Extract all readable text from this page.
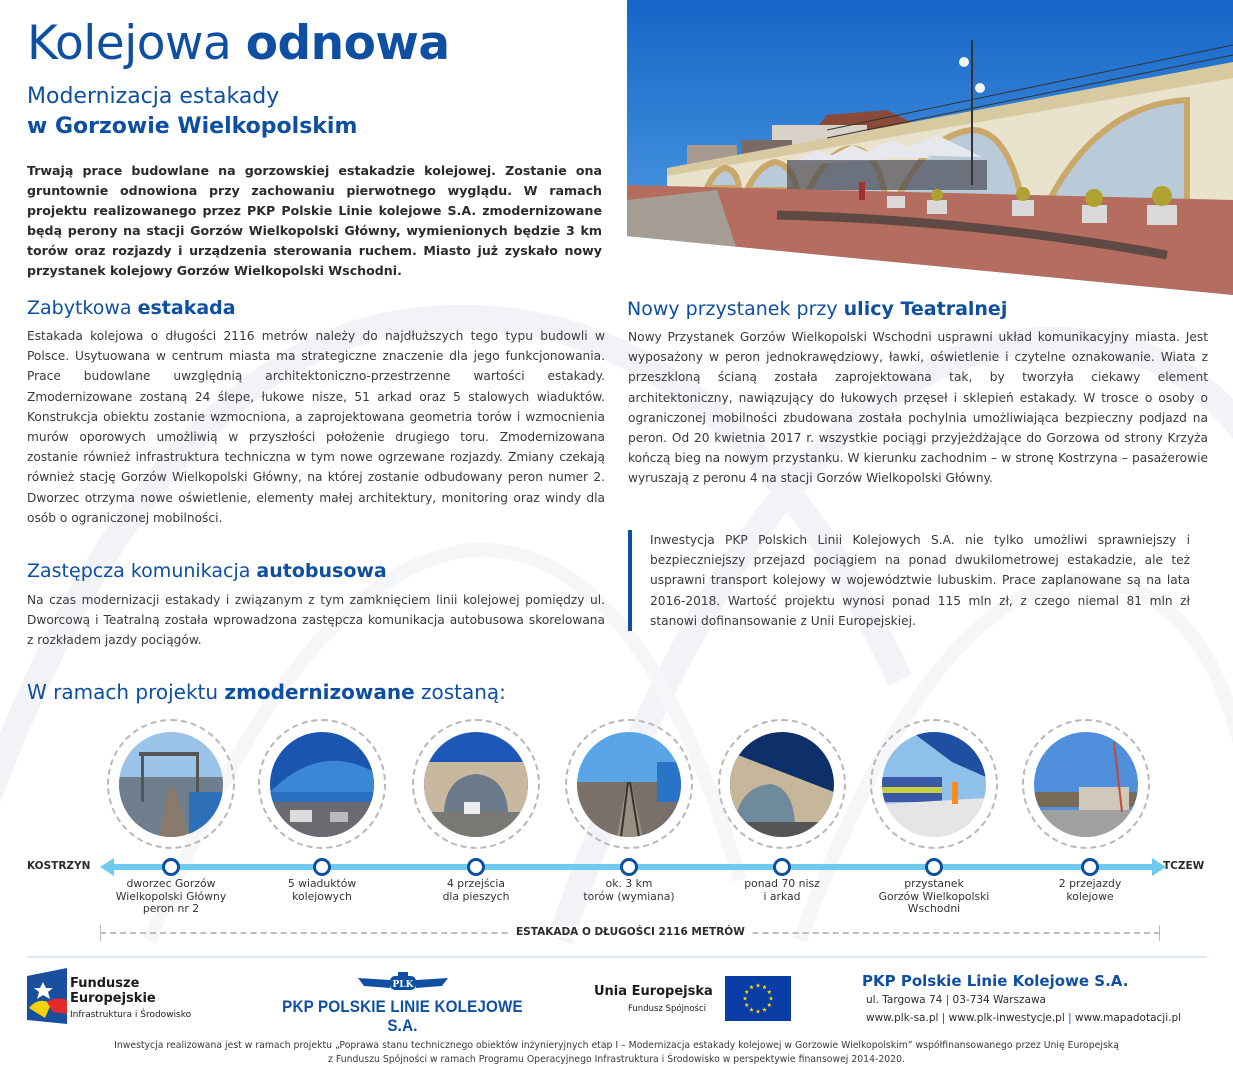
Kolejowa odnowa
Modernizacja estakady
w Gorzowie Wielkopolskim

Trwają prace budowlane na gorzowskiej estakadzie kolejowej. Zostanie ona gruntownie odnowiona przy zachowaniu pierwotnego wyglądu. W ramach projektu realizowanego przez PKP Polskie Linie kolejowe S.A. zmodernizowane będą perony na stacji Gorzów Wielkopolski Główny, wymienionych będzie 3 km torów oraz rozjazdy i urządzenia sterowania ruchem. Miasto już zyskało nowy przystanek kolejowy Gorzów Wielkopolski Wschodni.

Zabytkowa estakada

Estakada kolejowa o długości 2116 metrów należy do najdłuższych tego typu budowli w Polsce. Usytuowana w centrum miasta ma strategiczne znaczenie dla jego funkcjonowania. Prace budowlane uwzględnią architektoniczno-przestrzenne wartości estakady. Zmodernizowane zostaną 24 ślepe, łukowe nisze, 51 arkad oraz 5 stalowych wiaduktów. Konstrukcja obiektu zostanie wzmocniona, a zaprojektowana geometria torów i wzmocnienia murów oporowych umożliwią w przyszłości położenie drugiego toru. Zmodernizowana zostanie również infrastruktura techniczna w tym nowe ogrzewane rozjazdy. Zmiany czekają również stację Gorzów Wielkopolski Główny, na której zostanie odbudowany peron numer 2. Dworzec otrzyma nowe oświetlenie, elementy małej architektury, monitoring oraz windy dla osób o ograniczonej mobilności.

Zastępcza komunikacja autobusowa

Na czas modernizacji estakady i związanym z tym zamknięciem linii kolejowej pomiędzy ul. Dworcową i Teatralną została wprowadzona zastępcza komunikacja autobusowa skorelowana z rozkładem jazdy pociągów.

Nowy przystanek przy ulicy Teatralnej

Nowy Przystanek Gorzów Wielkopolski Wschodni usprawni układ komunikacyjny miasta. Jest wyposażony w peron jednokrawędziowy, ławki, oświetlenie i czytelne oznakowanie. Wiata z przeszkloną ścianą została zaprojektowana tak, by tworzyła ciekawy element architektoniczny, nawiązujący do łukowych przęseł i sklepień estakady. W trosce o osoby o ograniczonej mobilności zbudowana została pochylnia umożliwiająca bezpieczny podjazd na peron. Od 20 kwietnia 2017 r. wszystkie pociągi przyjeżdżające do Gorzowa od strony Krzyża kończą bieg na nowym przystanku. W kierunku zachodnim – w stronę Kostrzyna – pasażerowie wyruszają z peronu 4 na stacji Gorzów Wielkopolski Główny.

Inwestycja PKP Polskich Linii Kolejowych S.A. nie tylko umożliwi sprawniejszy i bezpieczniejszy przejazd pociągiem na ponad dwukilometrowej estakadzie, ale też usprawni transport kolejowy w województwie lubuskim. Prace zaplanowane są na lata 2016-2018. Wartość projektu wynosi ponad 115 mln zł, z czego niemal 81 mln zł stanowi dofinansowanie z Unii Europejskiej.

W ramach projektu zmodernizowane zostaną:
KOSTRZYN	TCZEW
dworzec Gorzów
Wielkopolski Główny
peron nr 2
5 wiaduktów
kolejowych
4 przejścia
dla pieszych
ok. 3 km
torów (wymiana)
ponad 70 nisz
i arkad
przystanek
Gorzów Wielkopolski
Wschodni
2 przejazdy
kolejowe
ESTAKADA O DŁUGOŚCI 2116 METRÓW
Fundusze
Europejskie
Infrastruktura i Środowisko
PLK
PKP POLSKIE LINIE KOLEJOWE S.A.
Unia Europejska
Fundusz Spójności
PKP Polskie Linie Kolejowe S.A.
ul. Targowa 74 | 03-734 Warszawa
www.plk-sa.pl | www.plk-inwestycje.pl | www.mapadotacji.pl
Inwestycja realizowana jest w ramach projektu „Poprawa stanu technicznego obiektów inżynieryjnych etap I – Modernizacja estakady kolejowej w Gorzowie Wielkopolskim” współfinansowanego przez Unię Europejską
z Funduszu Spójności w ramach Programu Operacyjnego Infrastruktura i Środowisko w perspektywie finansowej 2014-2020.
